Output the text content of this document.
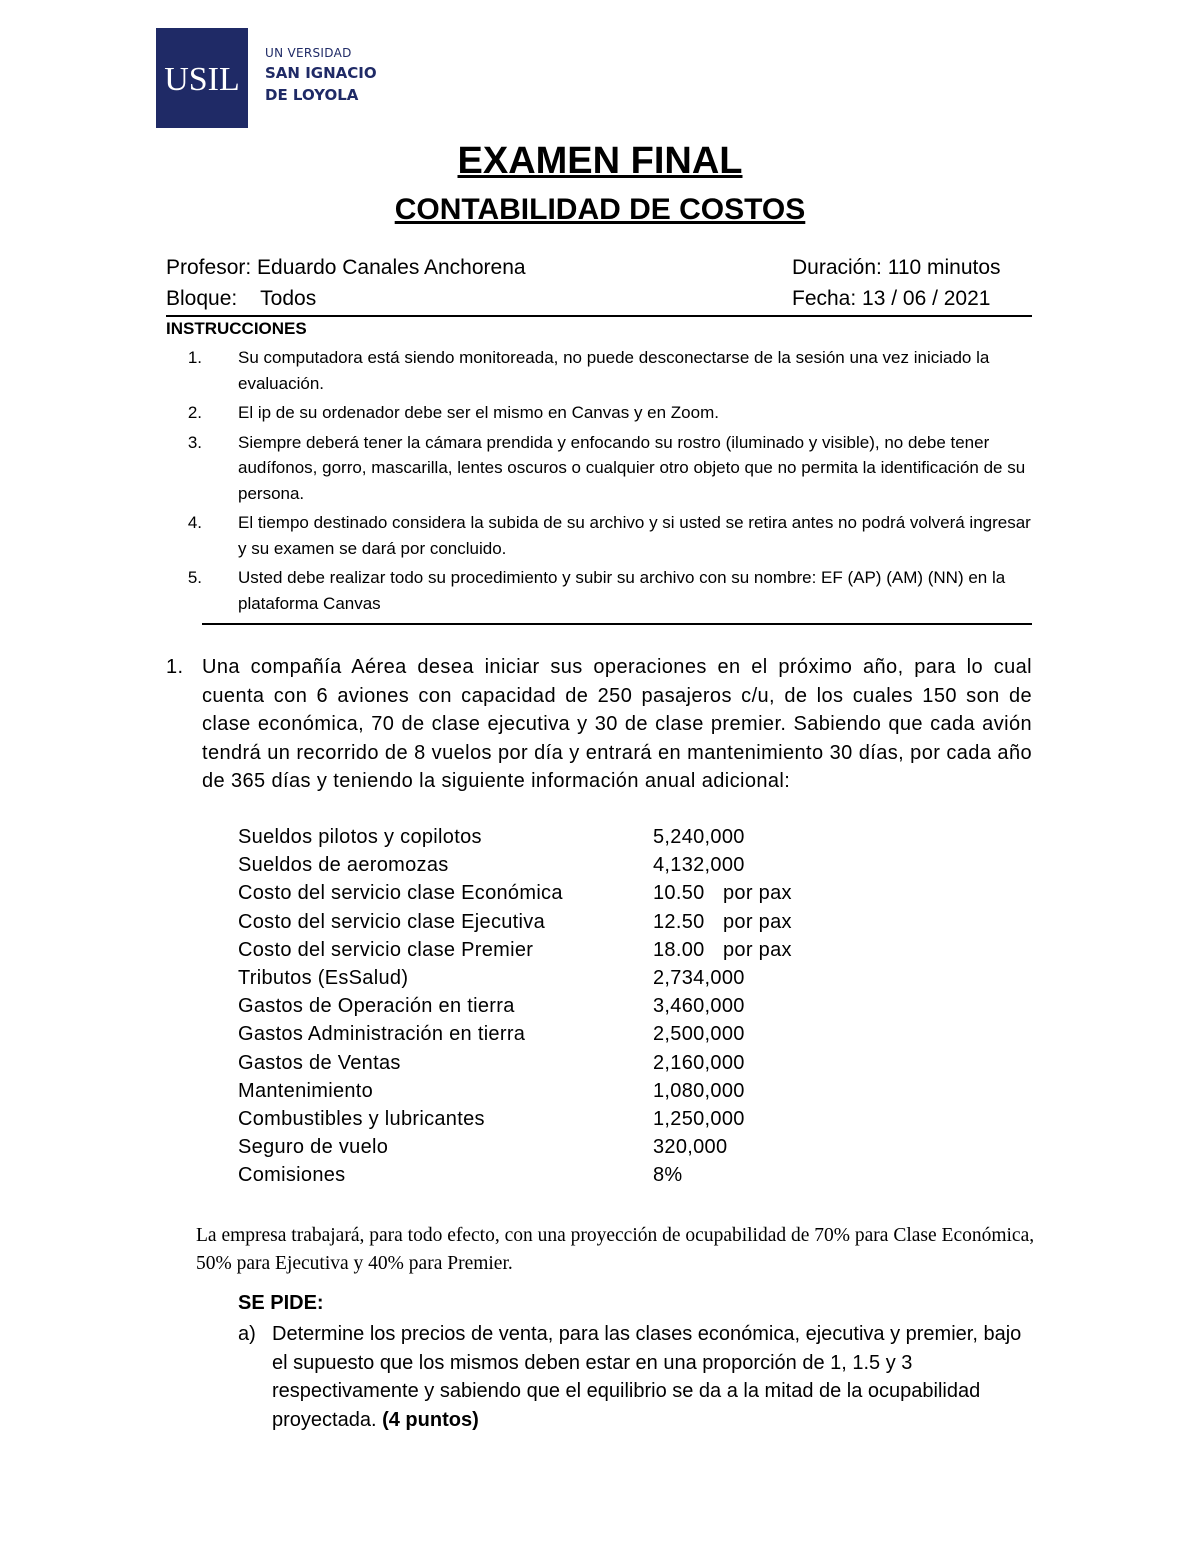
USIL
UN VERSIDAD
SAN IGNACIO
DE LOYOLA
EXAMEN FINAL
CONTABILIDAD DE COSTOS
Profesor: Eduardo Canales Anchorena	Duración: 110 minutos
Bloque:    Todos	Fecha: 13 / 06 / 2021
INSTRUCCIONES
1.	Su computadora está siendo monitoreada, no puede desconectarse de la sesión una vez iniciado la evaluación.
2.	El ip de su ordenador debe ser el mismo en Canvas y en Zoom.
3.	Siempre deberá tener la cámara prendida y enfocando su rostro (iluminado y visible), no debe tener audífonos, gorro, mascarilla, lentes oscuros o cualquier otro objeto que no permita la identificación de su persona.
4.	El tiempo destinado considera la subida de su archivo y si usted se retira antes no podrá volverá ingresar y su examen se dará por concluido.
5.	Usted debe realizar todo su procedimiento y subir su archivo con su nombre: EF (AP) (AM) (NN) en la plataforma Canvas
1. Una compañía Aérea desea iniciar sus operaciones en el próximo año, para lo cual cuenta con 6 aviones con capacidad de 250 pasajeros c/u, de los cuales 150 son de clase económica, 70 de clase ejecutiva y 30 de clase premier. Sabiendo que cada avión tendrá un recorrido de 8 vuelos por día y entrará en mantenimiento 30 días, por cada año de 365 días y teniendo la siguiente información anual adicional:
Sueldos pilotos y copilotos	5,240,000
Sueldos de aeromozas	4,132,000
Costo del servicio clase Económica	10.50 por pax
Costo del servicio clase Ejecutiva	12.50 por pax
Costo del servicio clase Premier	18.00 por pax
Tributos (EsSalud)	2,734,000
Gastos de Operación en tierra	3,460,000
Gastos Administración en tierra	2,500,000
Gastos de Ventas	2,160,000
Mantenimiento	1,080,000
Combustibles y lubricantes	1,250,000
Seguro de vuelo	320,000
Comisiones	8%
La empresa trabajará, para todo efecto, con una proyección de ocupabilidad de 70% para Clase Económica, 50% para Ejecutiva y 40% para Premier.
SE PIDE:
a) Determine los precios de venta, para las clases económica, ejecutiva y premier, bajo el supuesto que los mismos deben estar en una proporción de 1, 1.5 y 3 respectivamente y sabiendo que el equilibrio se da a la mitad de la ocupabilidad proyectada. (4 puntos)
